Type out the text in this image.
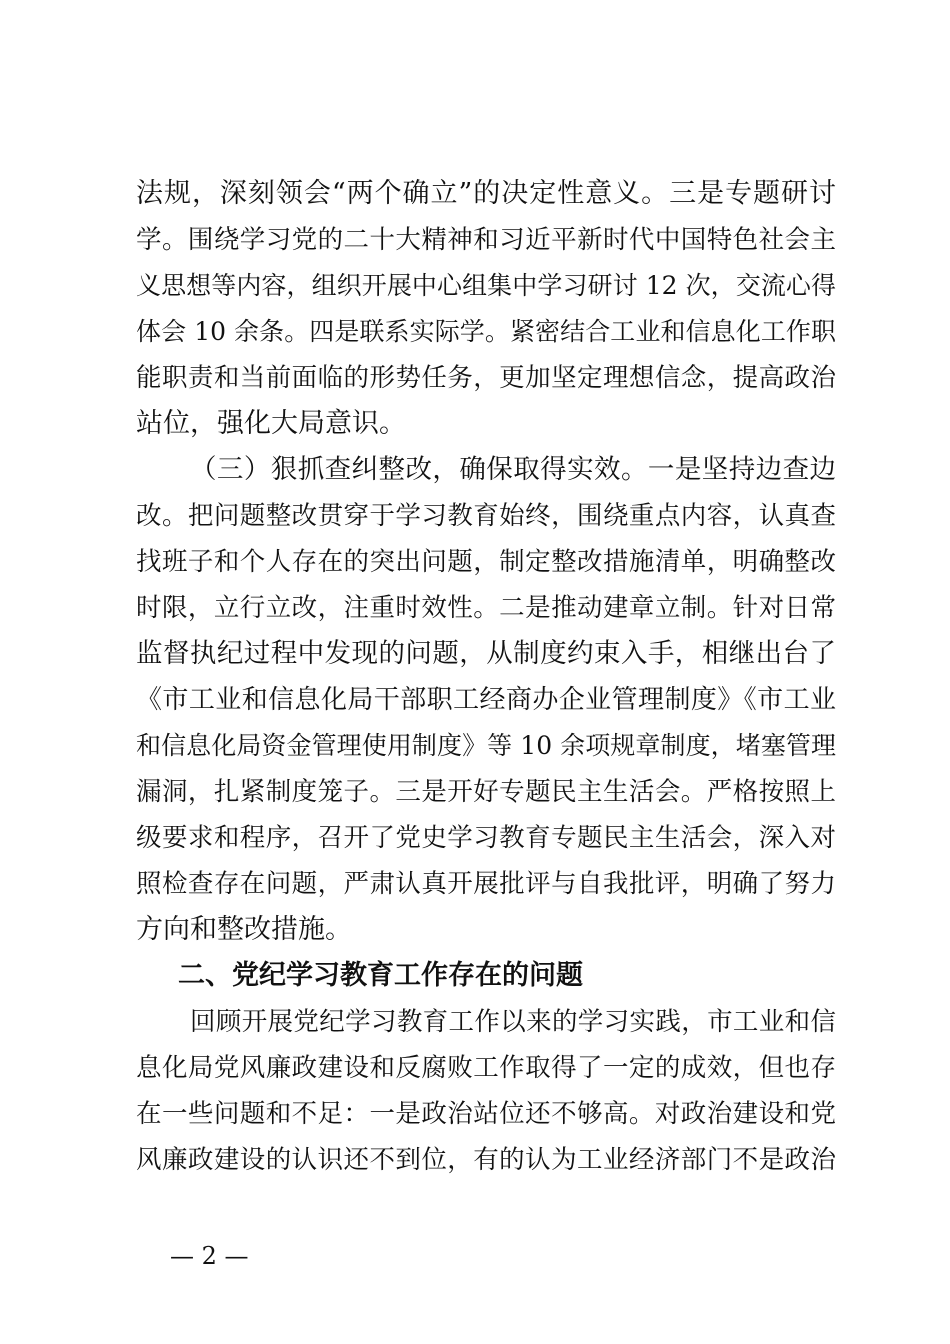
法规，深刻领会“两个确立”的决定性意义。三是专题研讨
学。围绕学习党的二十大精神和习近平新时代中国特色社会主
义思想等内容，组织开展中心组集中学习研讨 12 次，交流心得
体会 10 余条。四是联系实际学。紧密结合工业和信息化工作职
能职责和当前面临的形势任务，更加坚定理想信念，提高政治
站位，强化大局意识。
（三）狠抓查纠整改，确保取得实效。一是坚持边查边
改。把问题整改贯穿于学习教育始终，围绕重点内容，认真查
找班子和个人存在的突出问题，制定整改措施清单，明确整改
时限，立行立改，注重时效性。二是推动建章立制。针对日常
监督执纪过程中发现的问题，从制度约束入手，相继出台了
《市工业和信息化局干部职工经商办企业管理制度》《市工业
和信息化局资金管理使用制度》等 10 余项规章制度，堵塞管理
漏洞，扎紧制度笼子。三是开好专题民主生活会。严格按照上
级要求和程序，召开了党史学习教育专题民主生活会，深入对
照检查存在问题，严肃认真开展批评与自我批评，明确了努力
方向和整改措施。
二、党纪学习教育工作存在的问题
回顾开展党纪学习教育工作以来的学习实践，市工业和信
息化局党风廉政建设和反腐败工作取得了一定的成效，但也存
在一些问题和不足：一是政治站位还不够高。对政治建设和党
风廉政建设的认识还不到位，有的认为工业经济部门不是政治
— 2 —
